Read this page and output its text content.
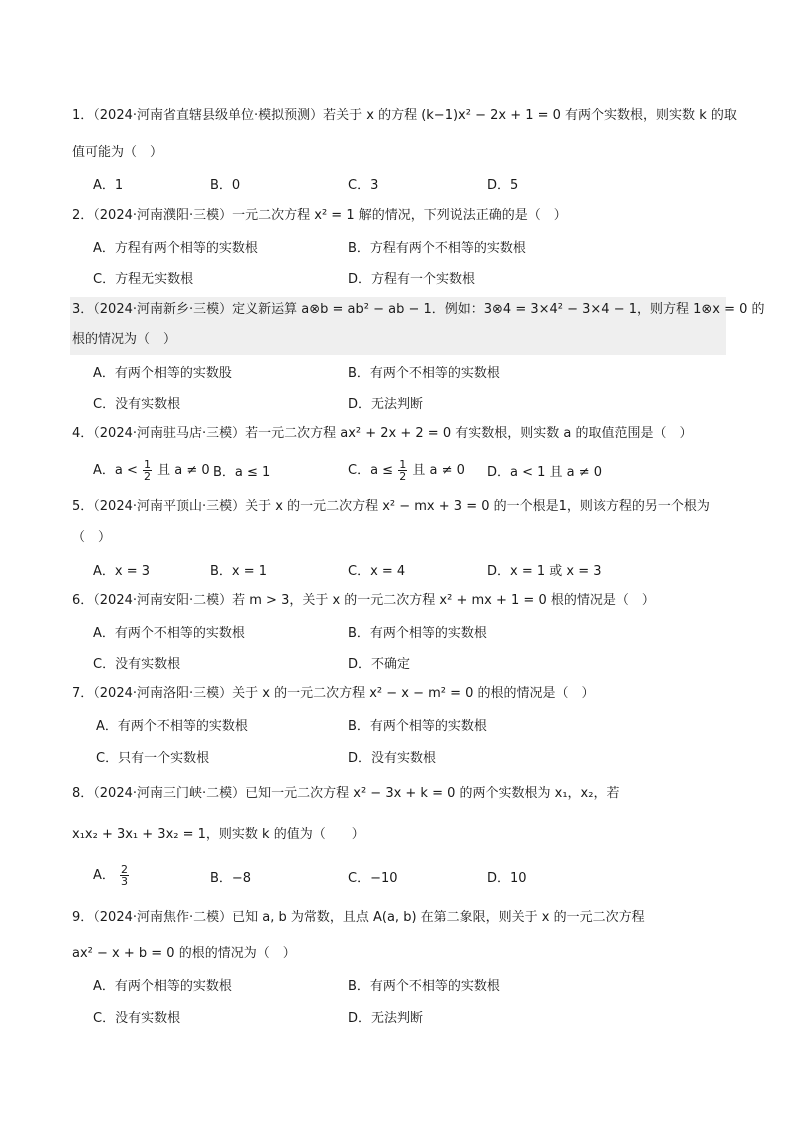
1．（2024·河南省直辖县级单位·模拟预测）若关于 x 的方程 (k−1)x² − 2x + 1 = 0 有两个实数根，则实数 k 的取
值可能为（　）
A．1	B．0	C．3	D．5
2．（2024·河南濮阳·三模）一元二次方程 x² = 1 解的情况，下列说法正确的是（　）
A．方程有两个相等的实数根	B．方程有两个不相等的实数根
C．方程无实数根	D．方程有一个实数根
3．（2024·河南新乡·三模）定义新运算 a⊗b = ab² − ab − 1．例如：3⊗4 = 3×4² − 3×4 − 1，则方程 1⊗x = 0 的
根的情况为（　）
A．有两个相等的实数股	B．有两个不相等的实数根
C．没有实数根	D．无法判断
4．（2024·河南驻马店·三模）若一元二次方程 ax² + 2x + 2 = 0 有实数根，则实数 a 的取值范围是（　）
A．$a < \frac{1}{2}$ 且 a ≠ 0 B．a ≤ 1	C．$a \le \frac{1}{2}$ 且 a ≠ 0 D．a < 1 且 a ≠ 0
5．（2024·河南平顶山·三模）关于 x 的一元二次方程 x² − mx + 3 = 0 的一个根是1，则该方程的另一个根为
（　）
A．x = 3	B．x = 1	C．x = 4	D．x = 1 或 x = 3
6．（2024·河南安阳·二模）若 m > 3，关于 x 的一元二次方程 x² + mx + 1 = 0 根的情况是（　）
A．有两个不相等的实数根	B．有两个相等的实数根
C．没有实数根	D．不确定
7．（2024·河南洛阳·三模）关于 x 的一元二次方程 x² − x − m² = 0 的根的情况是（　）
A．有两个不相等的实数根	B．有两个相等的实数根
C．只有一个实数根	D．没有实数根
8．（2024·河南三门峡·二模）已知一元二次方程 x² − 3x + k = 0 的两个实数根为 x₁，x₂，若
x₁x₂ + 3x₁ + 3x₂ = 1，则实数 k 的值为（　　）
A． $\frac{2}{3}$	B．−8	C．−10	D．10
9．（2024·河南焦作·二模）已知 a, b 为常数，且点 A(a, b) 在第二象限，则关于 x 的一元二次方程
ax² − x + b = 0 的根的情况为（　）
A．有两个相等的实数根	B．有两个不相等的实数根
C．没有实数根	D．无法判断
